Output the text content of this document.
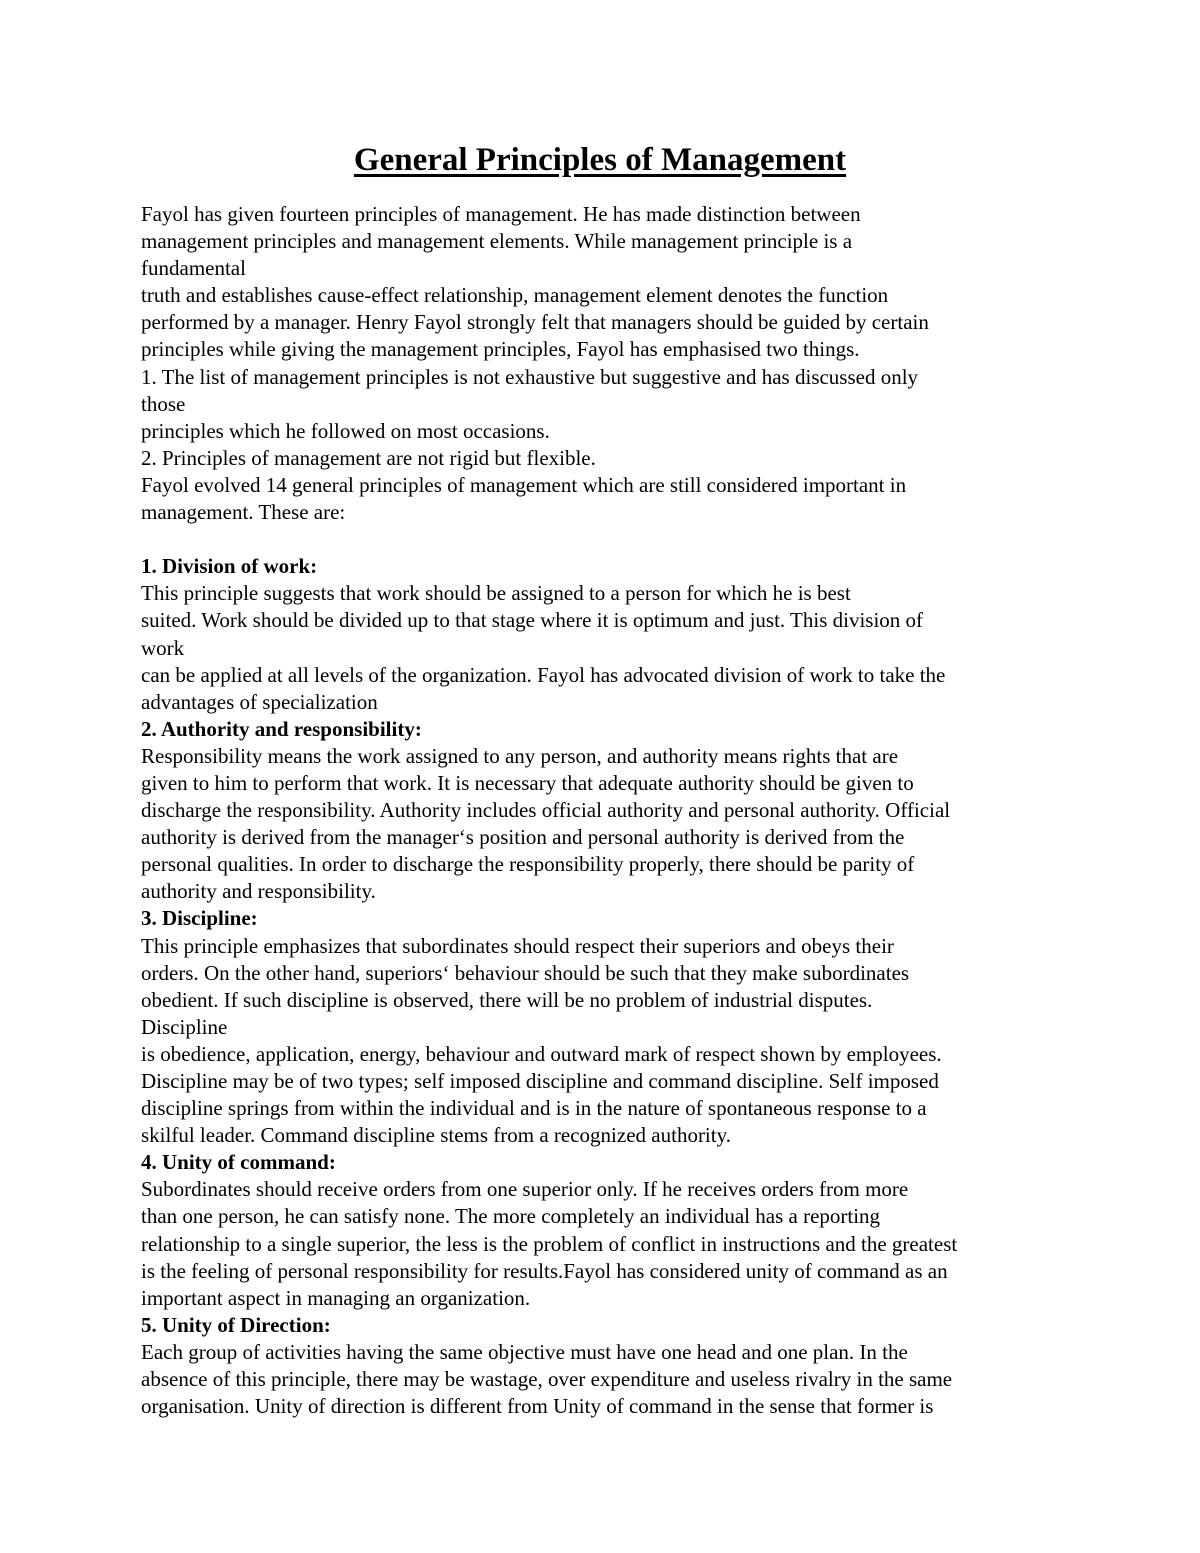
General Principles of Management
Fayol has given fourteen principles of management. He has made distinction between
management principles and management elements. While management principle is a
fundamental
truth and establishes cause-effect relationship, management element denotes the function
performed by a manager. Henry Fayol strongly felt that managers should be guided by certain
principles while giving the management principles, Fayol has emphasised two things.
1. The list of management principles is not exhaustive but suggestive and has discussed only
those
principles which he followed on most occasions.
2. Principles of management are not rigid but flexible.
Fayol evolved 14 general principles of management which are still considered important in
management. These are:
1. Division of work:
This principle suggests that work should be assigned to a person for which he is best
suited. Work should be divided up to that stage where it is optimum and just. This division of
work
can be applied at all levels of the organization. Fayol has advocated division of work to take the
advantages of specialization
2. Authority and responsibility:
Responsibility means the work assigned to any person, and authority means rights that are
given to him to perform that work. It is necessary that adequate authority should be given to
discharge the responsibility. Authority includes official authority and personal authority. Official
authority is derived from the manager‘s position and personal authority is derived from the
personal qualities. In order to discharge the responsibility properly, there should be parity of
authority and responsibility.
3. Discipline:
This principle emphasizes that subordinates should respect their superiors and obeys their
orders. On the other hand, superiors‘ behaviour should be such that they make subordinates
obedient. If such discipline is observed, there will be no problem of industrial disputes.
Discipline
is obedience, application, energy, behaviour and outward mark of respect shown by employees.
Discipline may be of two types; self imposed discipline and command discipline. Self imposed
discipline springs from within the individual and is in the nature of spontaneous response to a
skilful leader. Command discipline stems from a recognized authority.
4. Unity of command:
Subordinates should receive orders from one superior only. If he receives orders from more
than one person, he can satisfy none. The more completely an individual has a reporting
relationship to a single superior, the less is the problem of conflict in instructions and the greatest
is the feeling of personal responsibility for results.Fayol has considered unity of command as an
important aspect in managing an organization.
5. Unity of Direction:
Each group of activities having the same objective must have one head and one plan. In the
absence of this principle, there may be wastage, over expenditure and useless rivalry in the same
organisation. Unity of direction is different from Unity of command in the sense that former is
